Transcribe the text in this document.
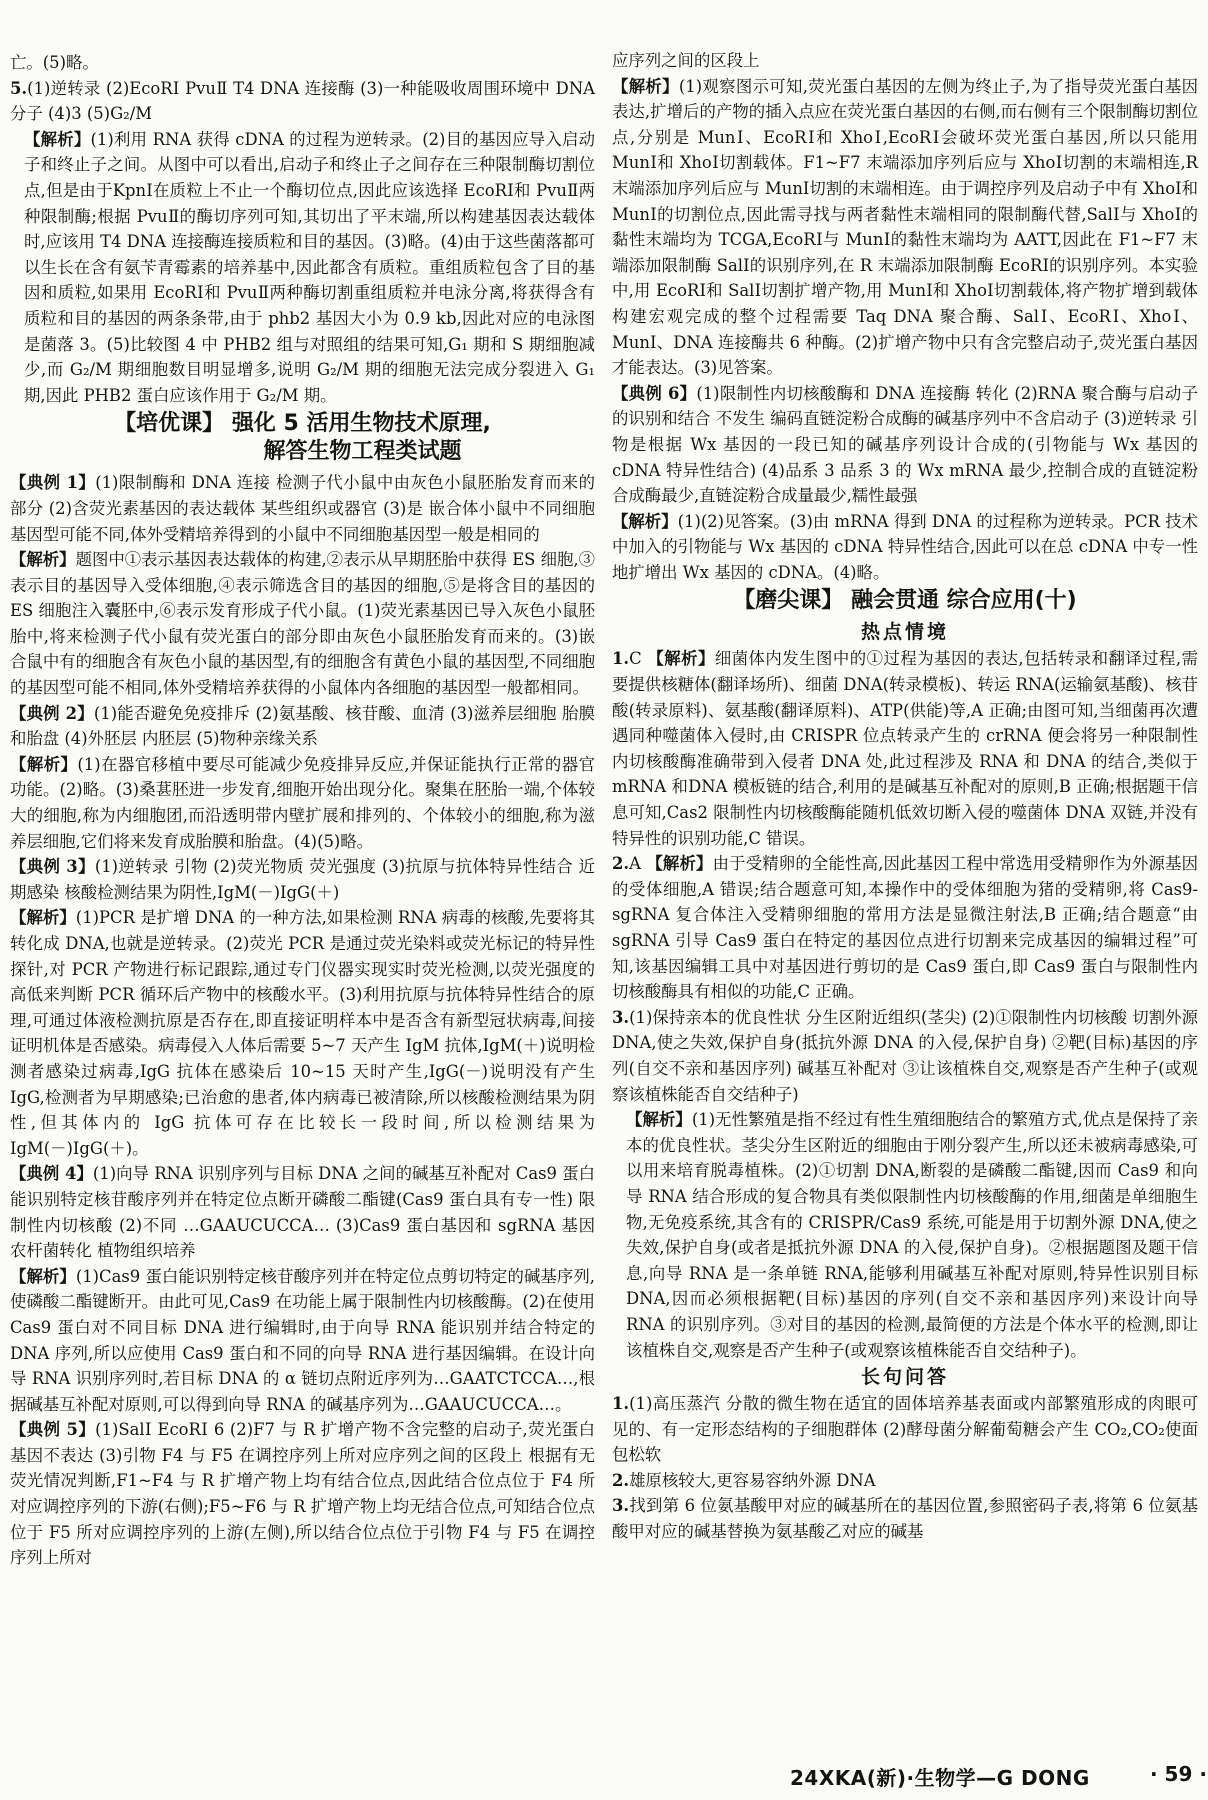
亡。(5)略。

5.(1)逆转录 (2)EcoRⅠ PvuⅡ T4 DNA 连接酶 (3)一种能吸收周围环境中 DNA 分子 (4)3 (5)G₂/M

【解析】(1)利用 RNA 获得 cDNA 的过程为逆转录。(2)目的基因应导入启动子和终止子之间。从图中可以看出,启动子和终止子之间存在三种限制酶切割位点,但是由于KpnⅠ在质粒上不止一个酶切位点,因此应该选择 EcoRⅠ和 PvuⅡ两种限制酶;根据 PvuⅡ的酶切序列可知,其切出了平末端,所以构建基因表达载体时,应该用 T4 DNA 连接酶连接质粒和目的基因。(3)略。(4)由于这些菌落都可以生长在含有氨苄青霉素的培养基中,因此都含有质粒。重组质粒包含了目的基因和质粒,如果用 EcoRⅠ和 PvuⅡ两种酶切割重组质粒并电泳分离,将获得含有质粒和目的基因的两条条带,由于 phb2 基因大小为 0.9 kb,因此对应的电泳图是菌落 3。(5)比较图 4 中 PHB2 组与对照组的结果可知,G₁ 期和 S 期细胞减少,而 G₂/M 期细胞数目明显增多,说明 G₂/M 期的细胞无法完成分裂进入 G₁ 期,因此 PHB2 蛋白应该作用于 G₂/M 期。

【培优课】 强化 5 活用生物技术原理,
解答生物工程类试题

【典例 1】(1)限制酶和 DNA 连接 检测子代小鼠中由灰色小鼠胚胎发育而来的部分 (2)含荧光素基因的表达载体 某些组织或器官 (3)是 嵌合体小鼠中不同细胞基因型可能不同,体外受精培养得到的小鼠中不同细胞基因型一般是相同的

【解析】题图中①表示基因表达载体的构建,②表示从早期胚胎中获得 ES 细胞,③表示目的基因导入受体细胞,④表示筛选含目的基因的细胞,⑤是将含目的基因的 ES 细胞注入囊胚中,⑥表示发育形成子代小鼠。(1)荧光素基因已导入灰色小鼠胚胎中,将来检测子代小鼠有荧光蛋白的部分即由灰色小鼠胚胎发育而来的。(3)嵌合鼠中有的细胞含有灰色小鼠的基因型,有的细胞含有黄色小鼠的基因型,不同细胞的基因型可能不相同,体外受精培养获得的小鼠体内各细胞的基因型一般都相同。

【典例 2】(1)能否避免免疫排斥 (2)氨基酸、核苷酸、血清 (3)滋养层细胞 胎膜和胎盘 (4)外胚层 内胚层 (5)物种亲缘关系

【解析】(1)在器官移植中要尽可能减少免疫排异反应,并保证能执行正常的器官功能。(2)略。(3)桑葚胚进一步发育,细胞开始出现分化。聚集在胚胎一端,个体较大的细胞,称为内细胞团,而沿透明带内壁扩展和排列的、个体较小的细胞,称为滋养层细胞,它们将来发育成胎膜和胎盘。(4)(5)略。

【典例 3】(1)逆转录 引物 (2)荧光物质 荧光强度 (3)抗原与抗体特异性结合 近期感染 核酸检测结果为阴性,IgM(－)IgG(＋)

【解析】(1)PCR 是扩增 DNA 的一种方法,如果检测 RNA 病毒的核酸,先要将其转化成 DNA,也就是逆转录。(2)荧光 PCR 是通过荧光染料或荧光标记的特异性探针,对 PCR 产物进行标记跟踪,通过专门仪器实现实时荧光检测,以荧光强度的高低来判断 PCR 循环后产物中的核酸水平。(3)利用抗原与抗体特异性结合的原理,可通过体液检测抗原是否存在,即直接证明样本中是否含有新型冠状病毒,间接证明机体是否感染。病毒侵入人体后需要 5~7 天产生 IgM 抗体,IgM(＋)说明检测者感染过病毒,IgG 抗体在感染后 10~15 天时产生,IgG(－)说明没有产生 IgG,检测者为早期感染;已治愈的患者,体内病毒已被清除,所以核酸检测结果为阴性,但其体内的 IgG 抗体可存在比较长一段时间,所以检测结果为 IgM(－)IgG(＋)。

【典例 4】(1)向导 RNA 识别序列与目标 DNA 之间的碱基互补配对 Cas9 蛋白能识别特定核苷酸序列并在特定位点断开磷酸二酯键(Cas9 蛋白具有专一性) 限制性内切核酸 (2)不同 …GAAUCUCCA… (3)Cas9 蛋白基因和 sgRNA 基因 农杆菌转化 植物组织培养

【解析】(1)Cas9 蛋白能识别特定核苷酸序列并在特定位点剪切特定的碱基序列,使磷酸二酯键断开。由此可见,Cas9 在功能上属于限制性内切核酸酶。(2)在使用 Cas9 蛋白对不同目标 DNA 进行编辑时,由于向导 RNA 能识别并结合特定的 DNA 序列,所以应使用 Cas9 蛋白和不同的向导 RNA 进行基因编辑。在设计向导 RNA 识别序列时,若目标 DNA 的 α 链切点附近序列为…GAATCTCCA…,根据碱基互补配对原则,可以得到向导 RNA 的碱基序列为…GAAUCUCCA…。

【典例 5】(1)SalⅠ EcoRⅠ 6 (2)F7 与 R 扩增产物不含完整的启动子,荧光蛋白基因不表达 (3)引物 F4 与 F5 在调控序列上所对应序列之间的区段上 根据有无荧光情况判断,F1~F4 与 R 扩增产物上均有结合位点,因此结合位点位于 F4 所对应调控序列的下游(右侧);F5~F6 与 R 扩增产物上均无结合位点,可知结合位点位于 F5 所对应调控序列的上游(左侧),所以结合位点位于引物 F4 与 F5 在调控序列上所对

应序列之间的区段上

【解析】(1)观察图示可知,荧光蛋白基因的左侧为终止子,为了指导荧光蛋白基因表达,扩增后的产物的插入点应在荧光蛋白基因的右侧,而右侧有三个限制酶切割位点,分别是 MunⅠ、EcoRⅠ和 XhoⅠ,EcoRⅠ会破坏荧光蛋白基因,所以只能用 MunⅠ和 XhoⅠ切割载体。F1~F7 末端添加序列后应与 XhoⅠ切割的末端相连,R 末端添加序列后应与 MunⅠ切割的末端相连。由于调控序列及启动子中有 XhoⅠ和 MunⅠ的切割位点,因此需寻找与两者黏性末端相同的限制酶代替,SalⅠ与 XhoⅠ的黏性末端均为 TCGA,EcoRⅠ与 MunⅠ的黏性末端均为 AATT,因此在 F1~F7 末端添加限制酶 SalⅠ的识别序列,在 R 末端添加限制酶 EcoRⅠ的识别序列。本实验中,用 EcoRⅠ和 SalⅠ切割扩增产物,用 MunⅠ和 XhoⅠ切割载体,将产物扩增到载体构建宏观完成的整个过程需要 Taq DNA 聚合酶、SalⅠ、EcoRⅠ、XhoⅠ、MunⅠ、DNA 连接酶共 6 种酶。(2)扩增产物中只有含完整启动子,荧光蛋白基因才能表达。(3)见答案。

【典例 6】(1)限制性内切核酸酶和 DNA 连接酶 转化 (2)RNA 聚合酶与启动子的识别和结合 不发生 编码直链淀粉合成酶的碱基序列中不含启动子 (3)逆转录 引物是根据 Wx 基因的一段已知的碱基序列设计合成的(引物能与 Wx 基因的 cDNA 特异性结合) (4)品系 3 品系 3 的 Wx mRNA 最少,控制合成的直链淀粉合成酶最少,直链淀粉合成量最少,糯性最强

【解析】(1)(2)见答案。(3)由 mRNA 得到 DNA 的过程称为逆转录。PCR 技术中加入的引物能与 Wx 基因的 cDNA 特异性结合,因此可以在总 cDNA 中专一性地扩增出 Wx 基因的 cDNA。(4)略。

【磨尖课】 融会贯通 综合应用(十)
热点情境

1.C 【解析】细菌体内发生图中的①过程为基因的表达,包括转录和翻译过程,需要提供核糖体(翻译场所)、细菌 DNA(转录模板)、转运 RNA(运输氨基酸)、核苷酸(转录原料)、氨基酸(翻译原料)、ATP(供能)等,A 正确;由图可知,当细菌再次遭遇同种噬菌体入侵时,由 CRISPR 位点转录产生的 crRNA 便会将另一种限制性内切核酸酶准确带到入侵者 DNA 处,此过程涉及 RNA 和 DNA 的结合,类似于 mRNA 和DNA 模板链的结合,利用的是碱基互补配对的原则,B 正确;根据题干信息可知,Cas2 限制性内切核酸酶能随机低效切断入侵的噬菌体 DNA 双链,并没有特异性的识别功能,C 错误。

2.A 【解析】由于受精卵的全能性高,因此基因工程中常选用受精卵作为外源基因的受体细胞,A 错误;结合题意可知,本操作中的受体细胞为猪的受精卵,将 Cas9-sgRNA 复合体注入受精卵细胞的常用方法是显微注射法,B 正确;结合题意“由 sgRNA 引导 Cas9 蛋白在特定的基因位点进行切割来完成基因的编辑过程”可知,该基因编辑工具中对基因进行剪切的是 Cas9 蛋白,即 Cas9 蛋白与限制性内切核酸酶具有相似的功能,C 正确。

3.(1)保持亲本的优良性状 分生区附近组织(茎尖) (2)①限制性内切核酸 切割外源 DNA,使之失效,保护自身(抵抗外源 DNA 的入侵,保护自身) ②靶(目标)基因的序列(自交不亲和基因序列) 碱基互补配对 ③让该植株自交,观察是否产生种子(或观察该植株能否自交结种子)

【解析】(1)无性繁殖是指不经过有性生殖细胞结合的繁殖方式,优点是保持了亲本的优良性状。茎尖分生区附近的细胞由于刚分裂产生,所以还未被病毒感染,可以用来培育脱毒植株。(2)①切割 DNA,断裂的是磷酸二酯键,因而 Cas9 和向导 RNA 结合形成的复合物具有类似限制性内切核酸酶的作用,细菌是单细胞生物,无免疫系统,其含有的 CRISPR/Cas9 系统,可能是用于切割外源 DNA,使之失效,保护自身(或者是抵抗外源 DNA 的入侵,保护自身)。②根据题图及题干信息,向导 RNA 是一条单链 RNA,能够利用碱基互补配对原则,特异性识别目标 DNA,因而必须根据靶(目标)基因的序列(自交不亲和基因序列)来设计向导 RNA 的识别序列。③对目的基因的检测,最简便的方法是个体水平的检测,即让该植株自交,观察是否产生种子(或观察该植株能否自交结种子)。

长句问答

1.(1)高压蒸汽 分散的微生物在适宜的固体培养基表面或内部繁殖形成的肉眼可见的、有一定形态结构的子细胞群体 (2)酵母菌分解葡萄糖会产生 CO₂,CO₂使面包松软

2.雄原核较大,更容易容纳外源 DNA

3.找到第 6 位氨基酸甲对应的碱基所在的基因位置,参照密码子表,将第 6 位氨基酸甲对应的碱基替换为氨基酸乙对应的碱基

24XKA(新)·生物学—G DONG	· 59 ·
